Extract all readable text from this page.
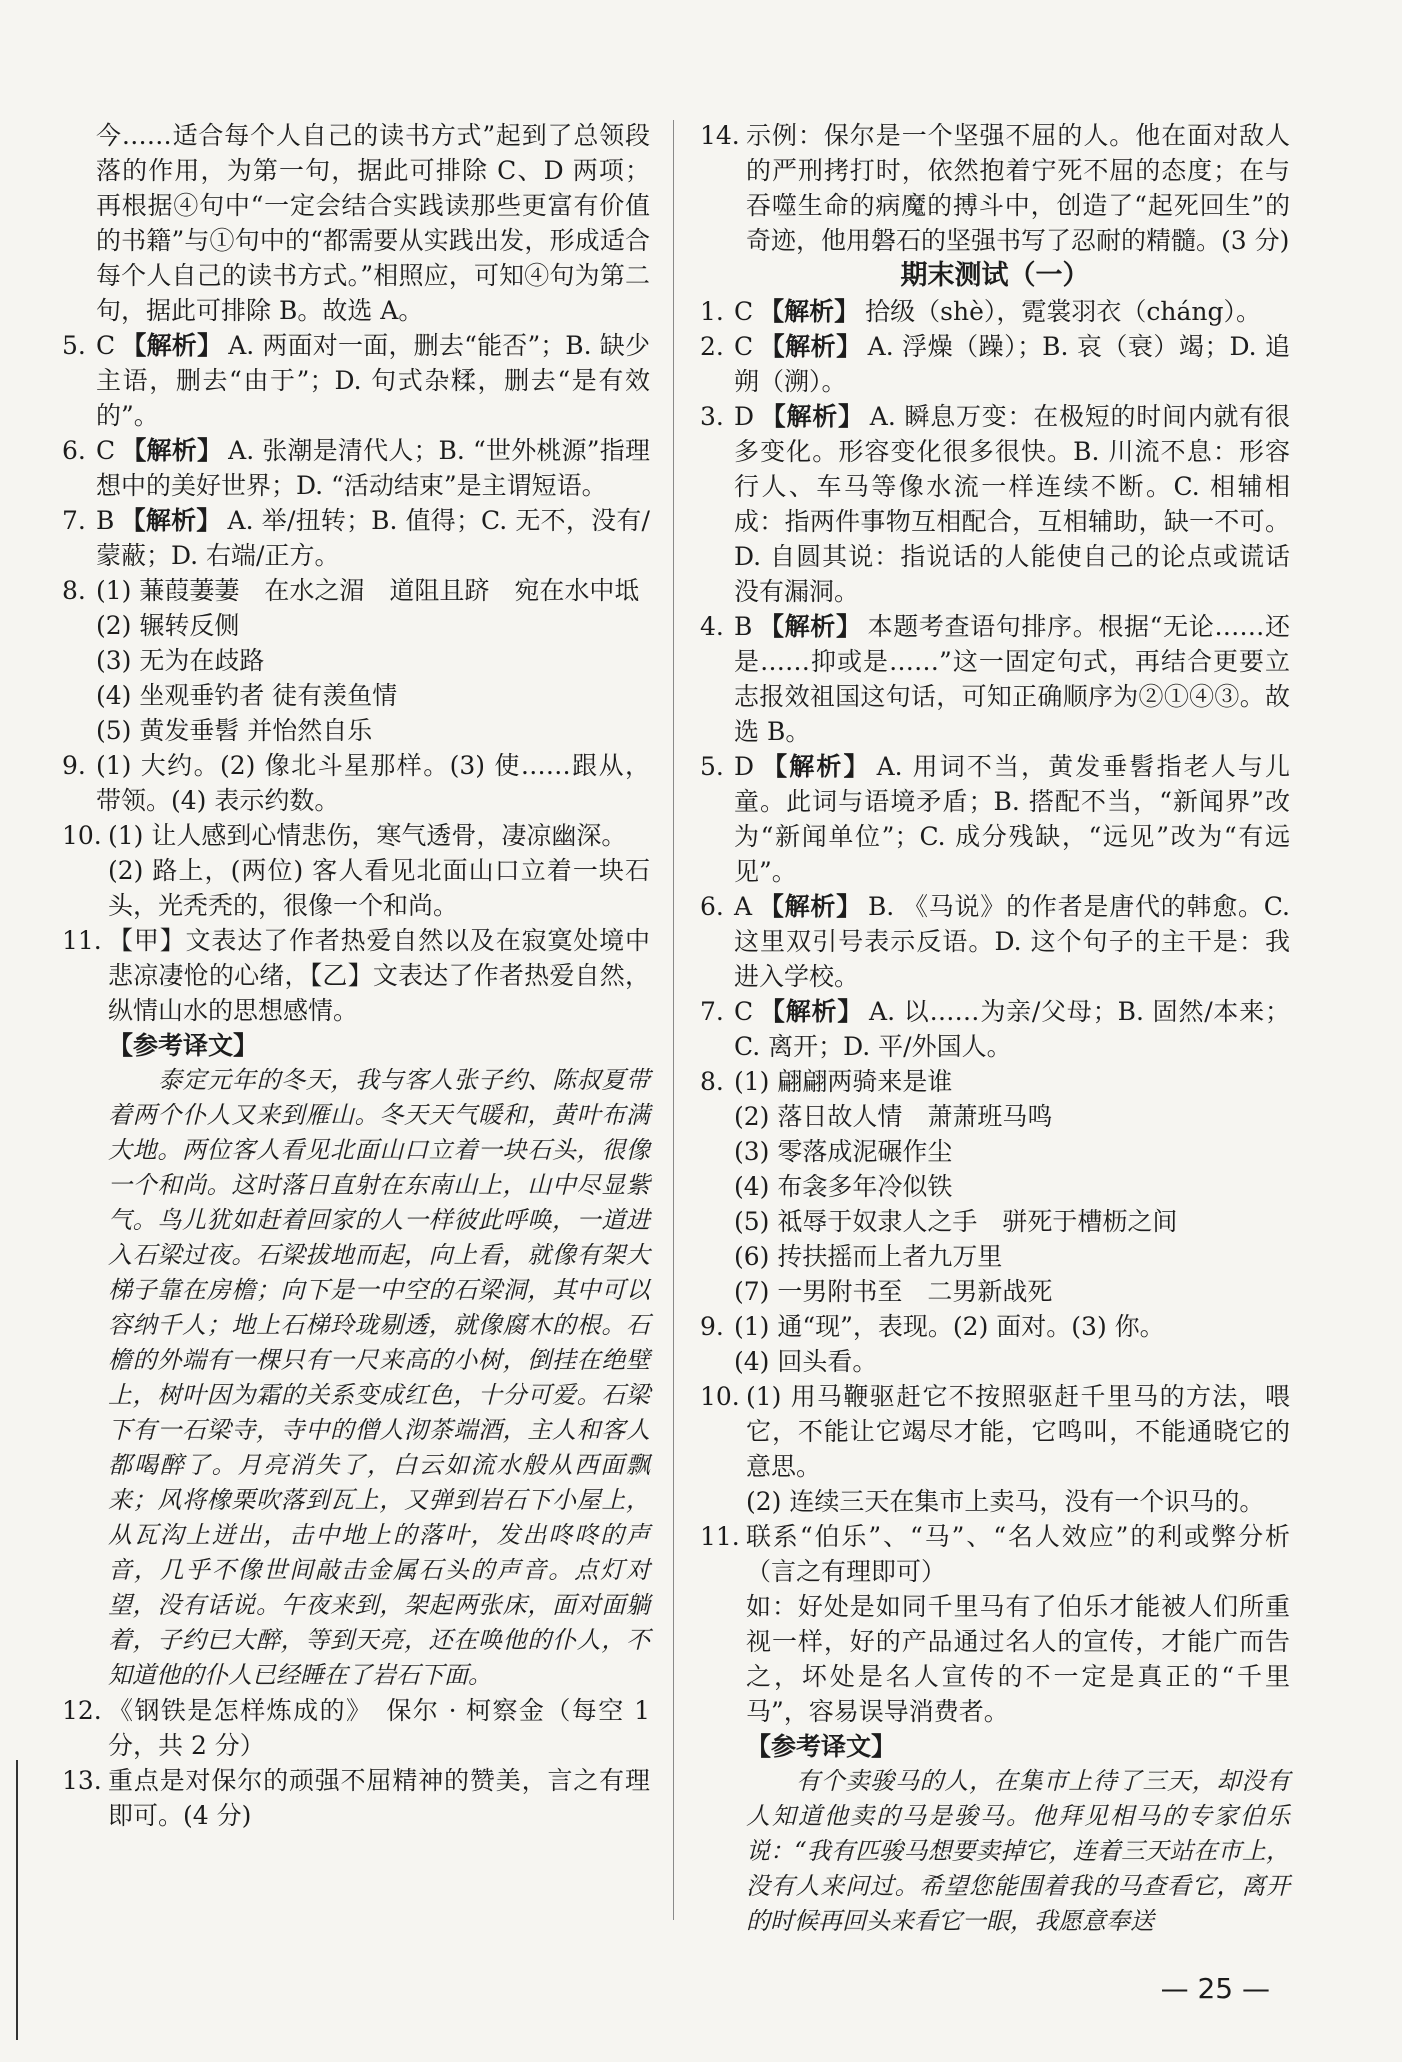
今……适合每个人自己的读书方式”起到了总领段落的作用，为第一句，据此可排除 C、D 两项；再根据④句中“一定会结合实践读那些更富有价值的书籍”与①句中的“都需要从实践出发，形成适合每个人自己的读书方式。”相照应，可知④句为第二句，据此可排除 B。故选 A。
5. C 【解析】 A. 两面对一面，删去“能否”；B. 缺少主语，删去“由于”；D. 句式杂糅，删去“是有效的”。
6. C 【解析】 A. 张潮是清代人；B. “世外桃源”指理想中的美好世界；D. “活动结束”是主谓短语。
7. B 【解析】 A. 举/扭转；B. 值得；C. 无不，没有/蒙蔽；D. 右端/正方。
8. (1) 蒹葭萋萋　在水之湄　道阻且跻　宛在水中坻
(2) 辗转反侧
(3) 无为在歧路
(4) 坐观垂钓者 徒有羡鱼情
(5) 黄发垂髫 并怡然自乐
9. (1) 大约。(2) 像北斗星那样。(3) 使……跟从，带领。(4) 表示约数。
10. (1) 让人感到心情悲伤，寒气透骨，凄凉幽深。
(2) 路上，(两位) 客人看见北面山口立着一块石头，光秃秃的，很像一个和尚。
11. 【甲】文表达了作者热爱自然以及在寂寞处境中悲凉凄怆的心绪，【乙】文表达了作者热爱自然，纵情山水的思想感情。
【参考译文】
泰定元年的冬天，我与客人张子约、陈叔夏带着两个仆人又来到雁山。冬天天气暖和，黄叶布满大地。两位客人看见北面山口立着一块石头，很像一个和尚。这时落日直射在东南山上，山中尽显紫气。鸟儿犹如赶着回家的人一样彼此呼唤，一道进入石梁过夜。石梁拔地而起，向上看，就像有架大梯子靠在房檐；向下是一中空的石梁洞，其中可以容纳千人；地上石梯玲珑剔透，就像腐木的根。石檐的外端有一棵只有一尺来高的小树，倒挂在绝壁上，树叶因为霜的关系变成红色，十分可爱。石梁下有一石梁寺，寺中的僧人沏茶端酒，主人和客人都喝醉了。月亮消失了，白云如流水般从西面飘来；风将橡栗吹落到瓦上，又弹到岩石下小屋上，从瓦沟上迸出，击中地上的落叶，发出咚咚的声音，几乎不像世间敲击金属石头的声音。点灯对望，没有话说。午夜来到，架起两张床，面对面躺着，子约已大醉，等到天亮，还在唤他的仆人，不知道他的仆人已经睡在了岩石下面。
12. 《钢铁是怎样炼成的》　保尔 · 柯察金（每空 1 分，共 2 分）
13. 重点是对保尔的顽强不屈精神的赞美，言之有理即可。(4 分)
14. 示例：保尔是一个坚强不屈的人。他在面对敌人的严刑拷打时，依然抱着宁死不屈的态度；在与吞噬生命的病魔的搏斗中，创造了“起死回生”的奇迹，他用磐石的坚强书写了忍耐的精髓。(3 分)
期末测试（一）
1. C 【解析】 拾级（shè），霓裳羽衣（cháng）。
2. C 【解析】 A. 浮燥（躁）；B. 哀（衰）竭；D. 追朔（溯）。
3. D 【解析】 A. 瞬息万变：在极短的时间内就有很多变化。形容变化很多很快。B. 川流不息：形容行人、车马等像水流一样连续不断。C. 相辅相成：指两件事物互相配合，互相辅助，缺一不可。D. 自圆其说：指说话的人能使自己的论点或谎话没有漏洞。
4. B 【解析】 本题考查语句排序。根据“无论……还是……抑或是……”这一固定句式，再结合更要立志报效祖国这句话，可知正确顺序为②①④③。故选 B。
5. D 【解析】 A. 用词不当，黄发垂髫指老人与儿童。此词与语境矛盾；B. 搭配不当，“新闻界”改为“新闻单位”；C. 成分残缺，“远见”改为“有远见”。
6. A 【解析】 B. 《马说》的作者是唐代的韩愈。C. 这里双引号表示反语。D. 这个句子的主干是：我进入学校。
7. C 【解析】 A. 以……为亲/父母；B. 固然/本来；C. 离开；D. 平/外国人。
8. (1) 翩翩两骑来是谁
(2) 落日故人情　萧萧班马鸣
(3) 零落成泥碾作尘
(4) 布衾多年冷似铁
(5) 祗辱于奴隶人之手　骈死于槽枥之间
(6) 抟扶摇而上者九万里
(7) 一男附书至　二男新战死
9. (1) 通“现”，表现。(2) 面对。(3) 你。
(4) 回头看。
10. (1) 用马鞭驱赶它不按照驱赶千里马的方法，喂它，不能让它竭尽才能，它鸣叫，不能通晓它的意思。
(2) 连续三天在集市上卖马，没有一个识马的。
11. 联系“伯乐”、“马”、“名人效应”的利或弊分析（言之有理即可）
如：好处是如同千里马有了伯乐才能被人们所重视一样，好的产品通过名人的宣传，才能广而告之，坏处是名人宣传的不一定是真正的“千里马”，容易误导消费者。
【参考译文】
有个卖骏马的人，在集市上待了三天，却没有人知道他卖的马是骏马。他拜见相马的专家伯乐说：“我有匹骏马想要卖掉它，连着三天站在市上，没有人来问过。希望您能围着我的马查看它，离开的时候再回头来看它一眼，我愿意奉送
— 25 —
